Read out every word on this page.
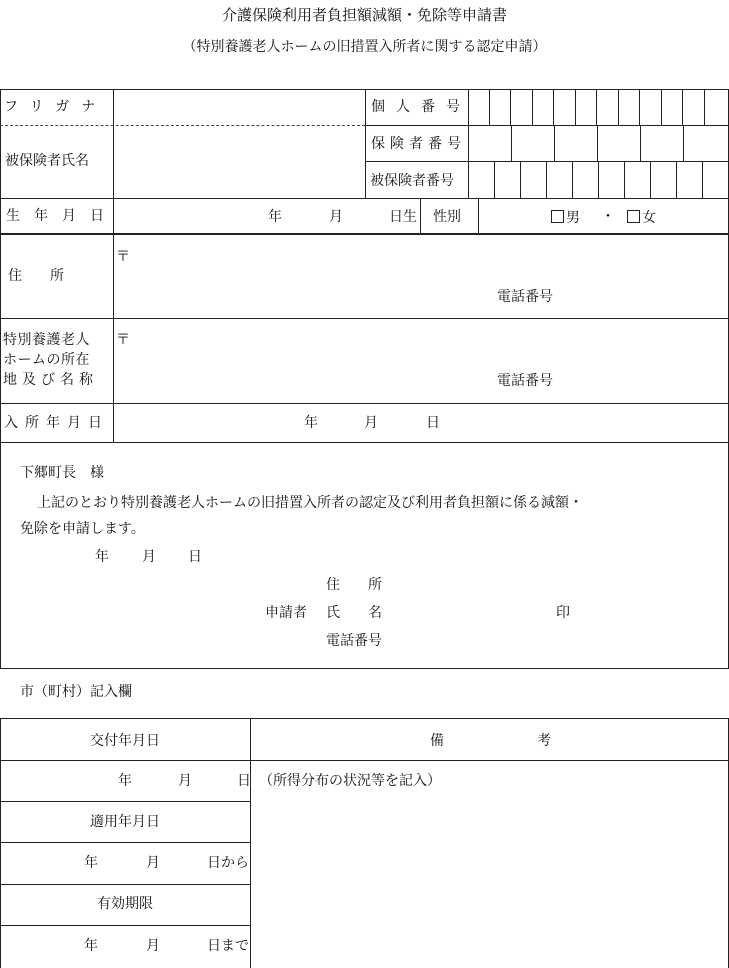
介護保険利用者負担額減額・免除等申請書
（特別養護老人ホームの旧措置入所者に関する認定申請）
フリガナ
被保険者氏名
個人番号
保険者番号
被保険者番号
生年月日	年	月	日生 性別	男 ・	女
住　　所
〒
電話番号
特別養護老人
ホームの所在
地及び名称
〒
電話番号
入所年月日	年	月	日
下郷町長　様
上記のとおり特別養護老人ホームの旧措置入所者の認定及び利用者負担額に係る減額・
免除を申請します。
年 月 日
住　　所
申請者 氏　　名	印
電話番号
市（町村）記入欄
交付年月日	備	考
年	月	日 （所得分布の状況等を記入）
適用年月日
年	月	日から
有効期限
年	月	日まで
